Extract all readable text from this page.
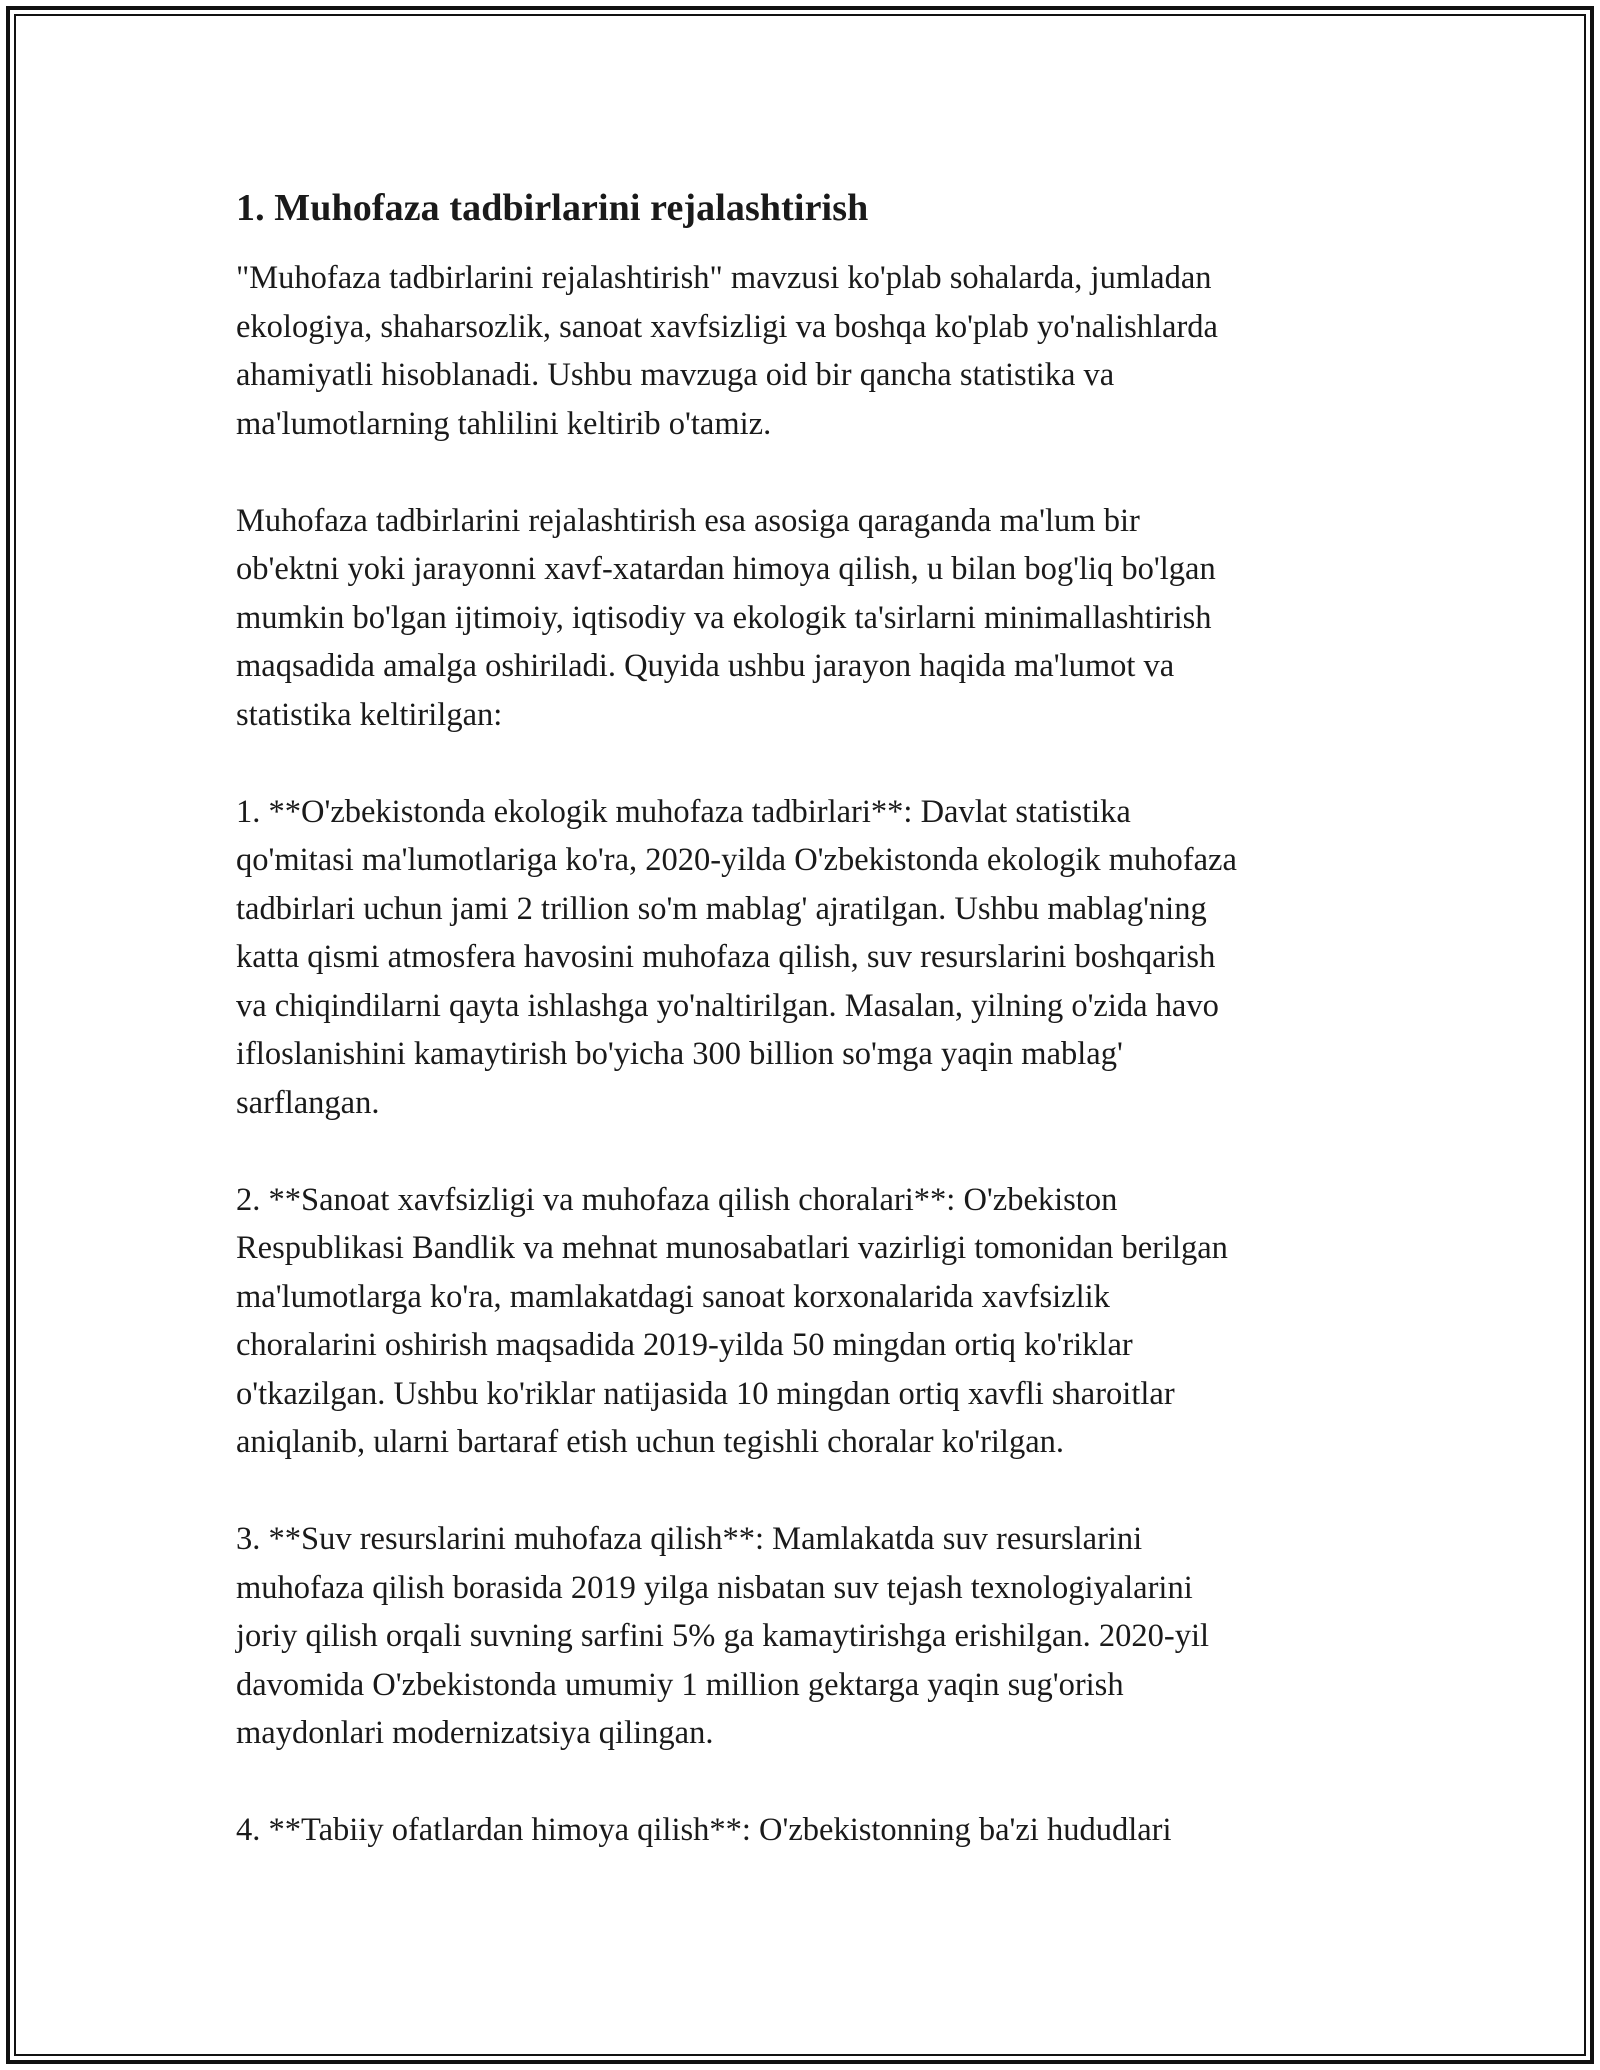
1. Muhofaza tadbirlarini rejalashtirish

"Muhofaza tadbirlarini rejalashtirish" mavzusi ko'plab sohalarda, jumladan
ekologiya, shaharsozlik, sanoat xavfsizligi va boshqa ko'plab yo'nalishlarda
ahamiyatli hisoblanadi. Ushbu mavzuga oid bir qancha statistika va
ma'lumotlarning tahlilini keltirib o'tamiz.

Muhofaza tadbirlarini rejalashtirish esa asosiga qaraganda ma'lum bir
ob'ektni yoki jarayonni xavf-xatardan himoya qilish, u bilan bog'liq bo'lgan
mumkin bo'lgan ijtimoiy, iqtisodiy va ekologik ta'sirlarni minimallashtirish
maqsadida amalga oshiriladi. Quyida ushbu jarayon haqida ma'lumot va
statistika keltirilgan:

1. **O'zbekistonda ekologik muhofaza tadbirlari**: Davlat statistika
qo'mitasi ma'lumotlariga ko'ra, 2020-yilda O'zbekistonda ekologik muhofaza
tadbirlari uchun jami 2 trillion so'm mablag' ajratilgan. Ushbu mablag'ning
katta qismi atmosfera havosini muhofaza qilish, suv resurslarini boshqarish
va chiqindilarni qayta ishlashga yo'naltirilgan. Masalan, yilning o'zida havo
ifloslanishini kamaytirish bo'yicha 300 billion so'mga yaqin mablag'
sarflangan.

2. **Sanoat xavfsizligi va muhofaza qilish choralari**: O'zbekiston
Respublikasi Bandlik va mehnat munosabatlari vazirligi tomonidan berilgan
ma'lumotlarga ko'ra, mamlakatdagi sanoat korxonalarida xavfsizlik
choralarini oshirish maqsadida 2019-yilda 50 mingdan ortiq ko'riklar
o'tkazilgan. Ushbu ko'riklar natijasida 10 mingdan ortiq xavfli sharoitlar
aniqlanib, ularni bartaraf etish uchun tegishli choralar ko'rilgan.

3. **Suv resurslarini muhofaza qilish**: Mamlakatda suv resurslarini
muhofaza qilish borasida 2019 yilga nisbatan suv tejash texnologiyalarini
joriy qilish orqali suvning sarfini 5% ga kamaytirishga erishilgan. 2020-yil
davomida O'zbekistonda umumiy 1 million gektarga yaqin sug'orish
maydonlari modernizatsiya qilingan.

4. **Tabiiy ofatlardan himoya qilish**: O'zbekistonning ba'zi hududlari
